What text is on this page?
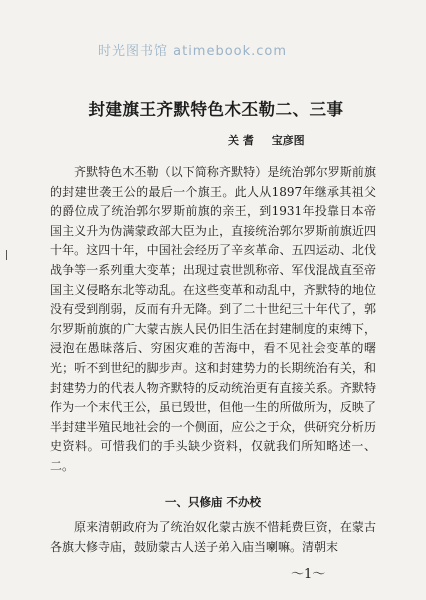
时光图书馆 atimebook.com
封建旗王齐默特色木丕勒二、三事
关 耆 宝彦图

齐默特色木丕勒（以下简称齐默特）是统治郭尔罗斯前旗的封建世袭王公的最后一个旗王。此人从1897年继承其祖父的爵位成了统治郭尔罗斯前旗的亲王，到1931年投靠日本帝国主义升为伪满蒙政部大臣为止，直接统治郭尔罗斯前旗近四十年。这四十年，中国社会经历了辛亥革命、五四运动、北伐战争等一系列重大变革；出现过袁世凯称帝、军伐混战直至帝国主义侵略东北等动乱。在这些变革和动乱中，齐默特的地位没有受到削弱，反而有升无降。到了二十世纪三十年代了，郭尔罗斯前旗的广大蒙古族人民仍旧生活在封建制度的束缚下，浸泡在愚昧落后、穷困灾难的苦海中，看不见社会变革的曙光；听不到世纪的脚步声。这和封建势力的长期统治有关，和封建势力的代表人物齐默特的反动统治更有直接关系。齐默特作为一个末代王公，虽已毁世，但他一生的所做所为，反映了半封建半殖民地社会的一个侧面，应公之于众，供研究分析历史资料。可惜我们的手头缺少资料，仅就我们所知略述一、二。

一、只修庙 不办校

原来清朝政府为了统治奴化蒙古族不惜耗费巨资，在蒙古各旗大修寺庙，鼓励蒙古人送子弟入庙当喇嘛。清朝末

～1～
